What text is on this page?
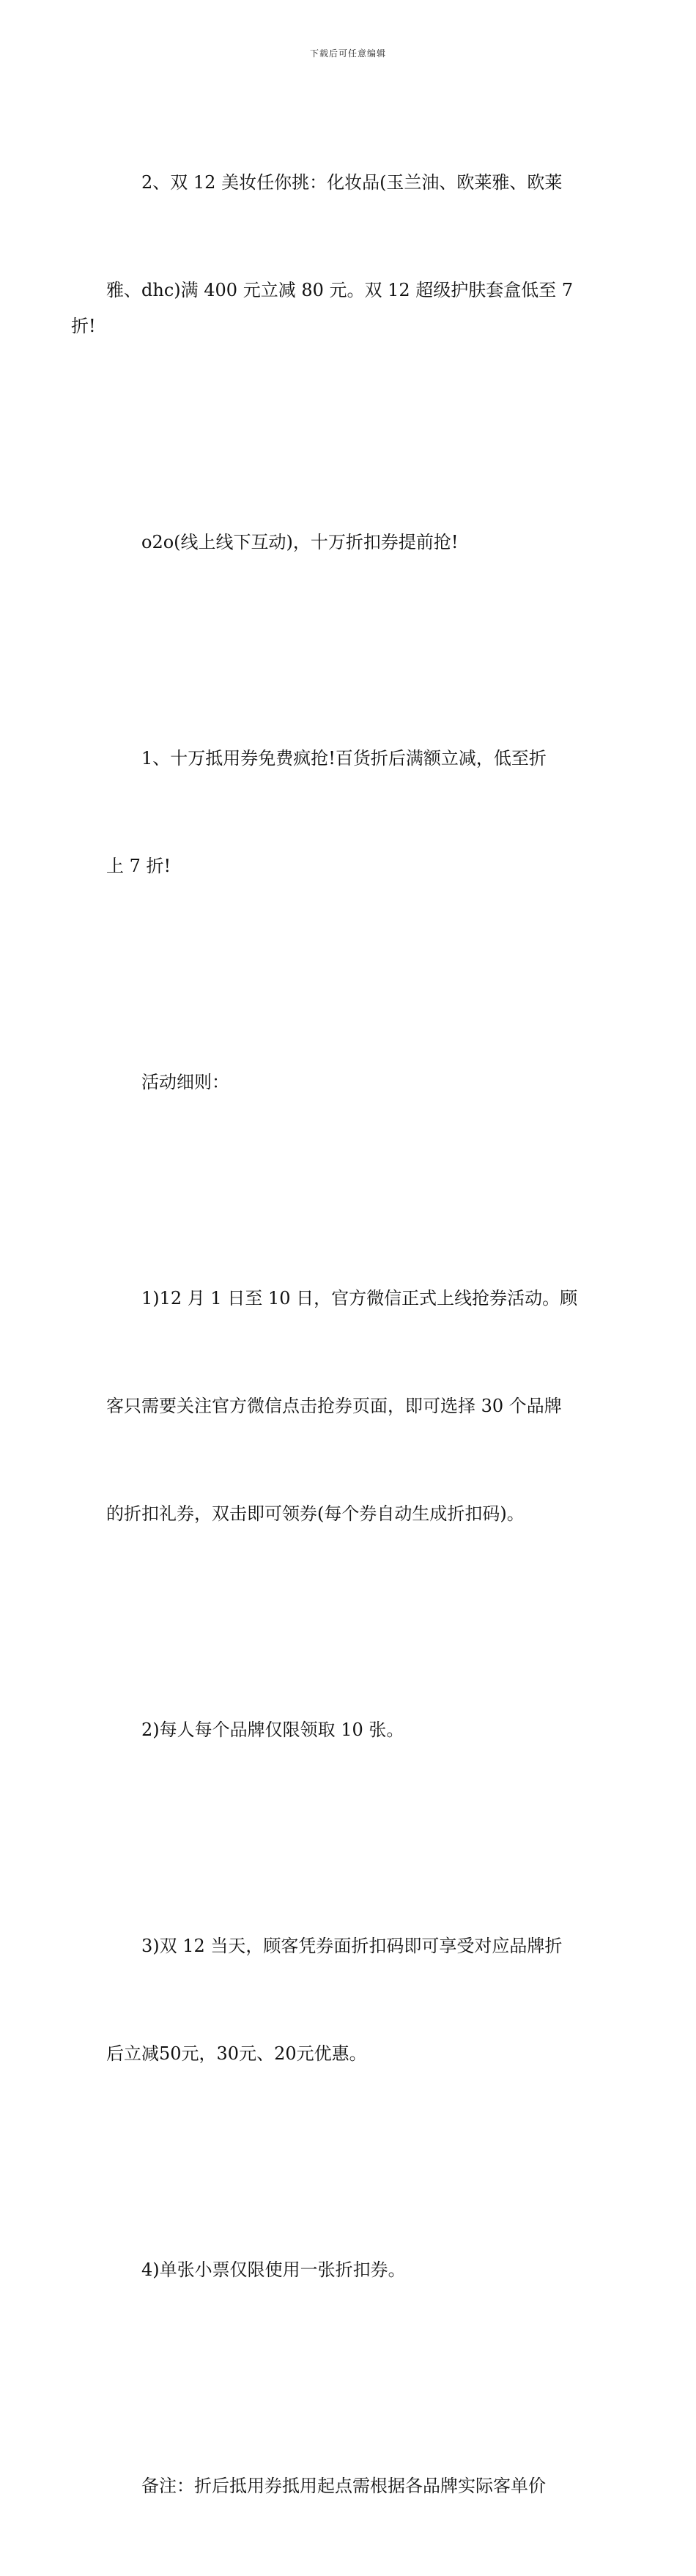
下载后可任意编辑

2、双 12 美妆任你挑：化妆品(玉兰油、欧莱雅、欧莱

雅、dhc)满 400 元立减 80 元。双 12 超级护肤套盒低至 7 折!

o2o(线上线下互动)，十万折扣券提前抢!

1、十万抵用券免费疯抢!百货折后满额立减，低至折

上 7 折!

活动细则：

1)12 月 1 日至 10 日，官方微信正式上线抢券活动。顾

客只需要关注官方微信点击抢券页面，即可选择 30 个品牌

的折扣礼券，双击即可领券(每个券自动生成折扣码)。

2)每人每个品牌仅限领取 10 张。

3)双 12 当天，顾客凭券面折扣码即可享受对应品牌折

后立减50元，30元、20元优惠。

4)单张小票仅限使用一张折扣券。

备注：折后抵用券抵用起点需根据各品牌实际客单价
